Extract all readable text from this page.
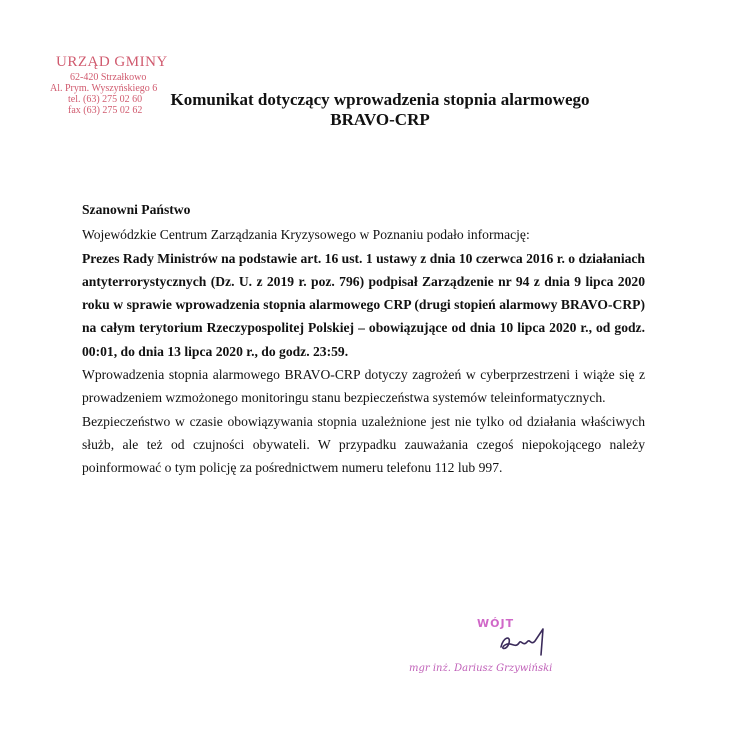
URZĄD GMINY
62-420 Strzałkowo
Al. Prym. Wyszyńskiego 6
tel. (63) 275 02 60
fax (63) 275 02 62
Komunikat dotyczący wprowadzenia stopnia alarmowego
BRAVO-CRP

Szanowni Państwo

Wojewódzkie Centrum Zarządzania Kryzysowego w Poznaniu podało informację:

Prezes Rady Ministrów na podstawie art. 16 ust. 1 ustawy z dnia 10 czerwca 2016 r. o działaniach antyterrorystycznych (Dz. U. z 2019 r. poz. 796) podpisał Zarządzenie nr 94 z dnia 9 lipca 2020 roku w sprawie wprowadzenia stopnia alarmowego CRP (drugi stopień alarmowy BRAVO-CRP) na całym terytorium Rzeczypospolitej Polskiej – obowiązujące od dnia 10 lipca 2020 r., od godz. 00:01, do dnia 13 lipca 2020 r., do godz. 23:59.

Wprowadzenia stopnia alarmowego BRAVO-CRP dotyczy zagrożeń w cyberprzestrzeni i wiąże się z prowadzeniem wzmożonego monitoringu stanu bezpieczeństwa systemów teleinformatycznych.

Bezpieczeństwo w czasie obowiązywania stopnia uzależnione jest nie tylko od działania właściwych służb, ale też od czujności obywateli. W przypadku zauważania czegoś niepokojącego należy poinformować o tym policję za pośrednictwem numeru telefonu 112 lub 997.

WÓJT
mgr inż. Dariusz Grzywiński
